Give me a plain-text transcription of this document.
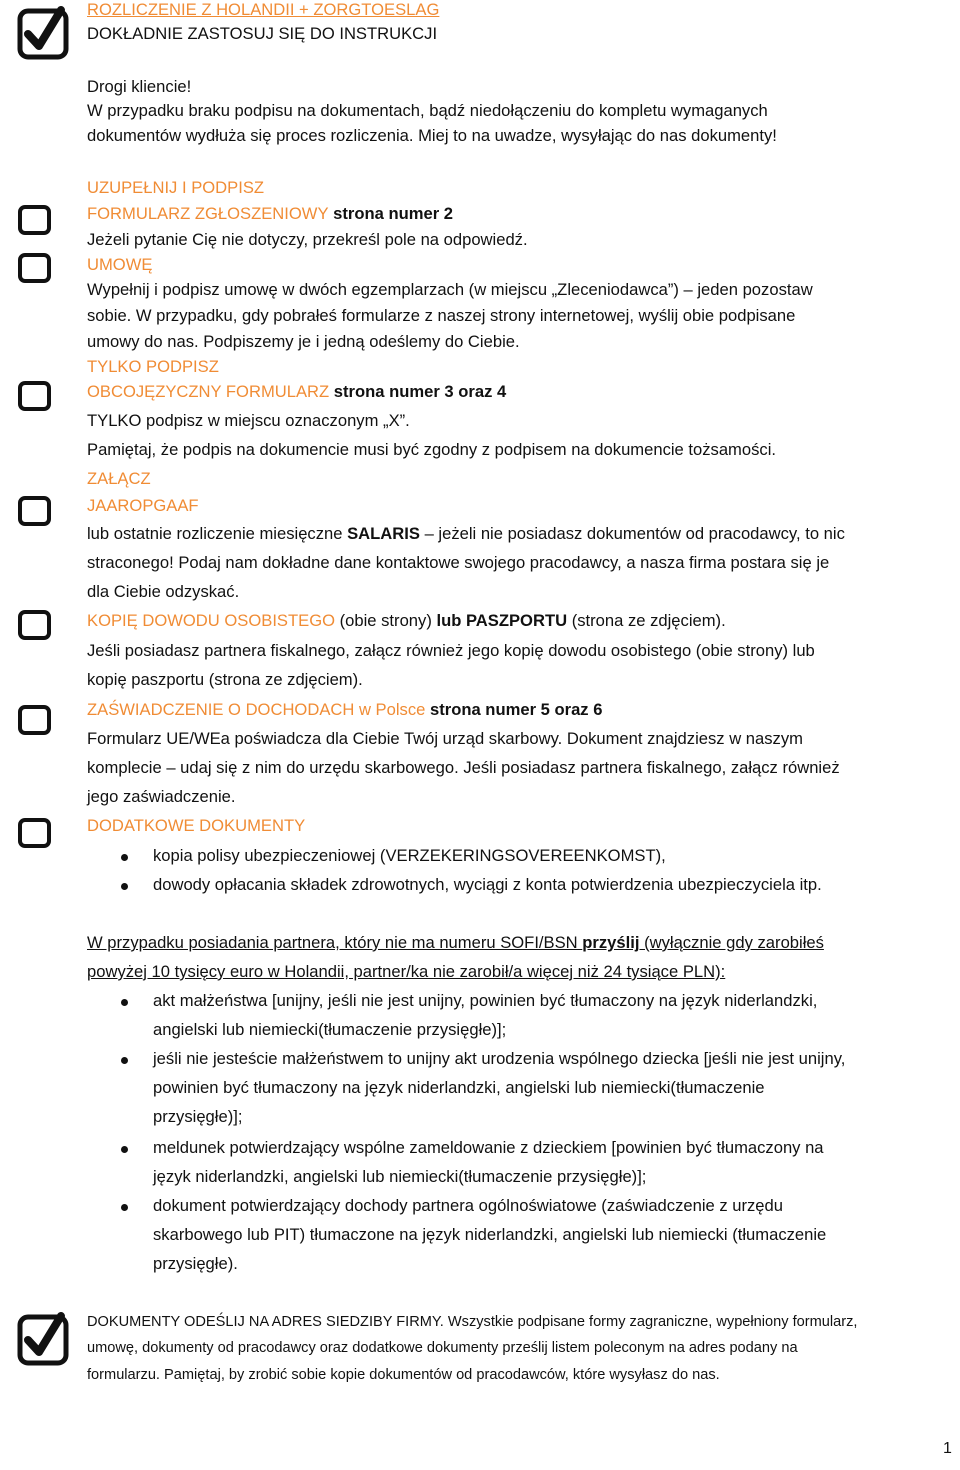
ROZLICZENIE Z HOLANDII + ZORGTOESLAG
DOKŁADNIE ZASTOSUJ SIĘ DO INSTRUKCJI
Drogi kliencie!
W przypadku braku podpisu na dokumentach, bądź niedołączeniu do kompletu wymaganych
dokumentów wydłuża się proces rozliczenia. Miej to na uwadze, wysyłając do nas dokumenty!
UZUPEŁNIJ I PODPISZ
FORMULARZ ZGŁOSZENIOWY strona numer 2
Jeżeli pytanie Cię nie dotyczy, przekreśl pole na odpowiedź.
UMOWĘ
Wypełnij i podpisz umowę w dwóch egzemplarzach (w miejscu „Zleceniodawca”) – jeden pozostaw
sobie. W przypadku, gdy pobrałeś formularze z naszej strony internetowej, wyślij obie podpisane
umowy do nas. Podpiszemy je i jedną odeślemy do Ciebie.
TYLKO PODPISZ
OBCOJĘZYCZNY FORMULARZ strona numer 3 oraz 4
TYLKO podpisz w miejscu oznaczonym „X”.
Pamiętaj, że podpis na dokumencie musi być zgodny z podpisem na dokumencie tożsamości.
ZAŁĄCZ
JAAROPGAAF
lub ostatnie rozliczenie miesięczne SALARIS – jeżeli nie posiadasz dokumentów od pracodawcy, to nic
straconego! Podaj nam dokładne dane kontaktowe swojego pracodawcy, a nasza firma postara się je
dla Ciebie odzyskać.
KOPIĘ DOWODU OSOBISTEGO (obie strony) lub PASZPORTU (strona ze zdjęciem).
Jeśli posiadasz partnera fiskalnego, załącz również jego kopię dowodu osobistego (obie strony) lub
kopię paszportu (strona ze zdjęciem).
ZAŚWIADCZENIE O DOCHODACH w Polsce strona numer 5 oraz 6
Formularz UE/WEa poświadcza dla Ciebie Twój urząd skarbowy. Dokument znajdziesz w naszym
komplecie – udaj się z nim do urzędu skarbowego. Jeśli posiadasz partnera fiskalnego, załącz również
jego zaświadczenie.
DODATKOWE DOKUMENTY
kopia polisy ubezpieczeniowej (VERZEKERINGSOVEREENKOMST),
dowody opłacania składek zdrowotnych, wyciągi z konta potwierdzenia ubezpieczyciela itp.
W przypadku posiadania partnera, który nie ma numeru SOFI/BSN przyślij (wyłącznie gdy zarobiłeś
powyżej 10 tysięcy euro w Holandii, partner/ka nie zarobił/a więcej niż 24 tysiące PLN):
akt małżeństwa [unijny, jeśli nie jest unijny, powinien być tłumaczony na język niderlandzki,
angielski lub niemiecki(tłumaczenie przysięgłe)];
jeśli nie jesteście małżeństwem to unijny akt urodzenia wspólnego dziecka [jeśli nie jest unijny,
powinien być tłumaczony na język niderlandzki, angielski lub niemiecki(tłumaczenie
przysięgłe)];
meldunek potwierdzający wspólne zameldowanie z dzieckiem [powinien być tłumaczony na
język niderlandzki, angielski lub niemiecki(tłumaczenie przysięgłe)];
dokument potwierdzający dochody partnera ogólnoświatowe (zaświadczenie z urzędu
skarbowego lub PIT) tłumaczone na język niderlandzki, angielski lub niemiecki (tłumaczenie
przysięgłe).
DOKUMENTY ODEŚLIJ NA ADRES SIEDZIBY FIRMY. Wszystkie podpisane formy zagraniczne, wypełniony formularz,
umowę, dokumenty od pracodawcy oraz dodatkowe dokumenty prześlij listem poleconym na adres podany na
formularzu. Pamiętaj, by zrobić sobie kopie dokumentów od pracodawców, które wysyłasz do nas.
1
